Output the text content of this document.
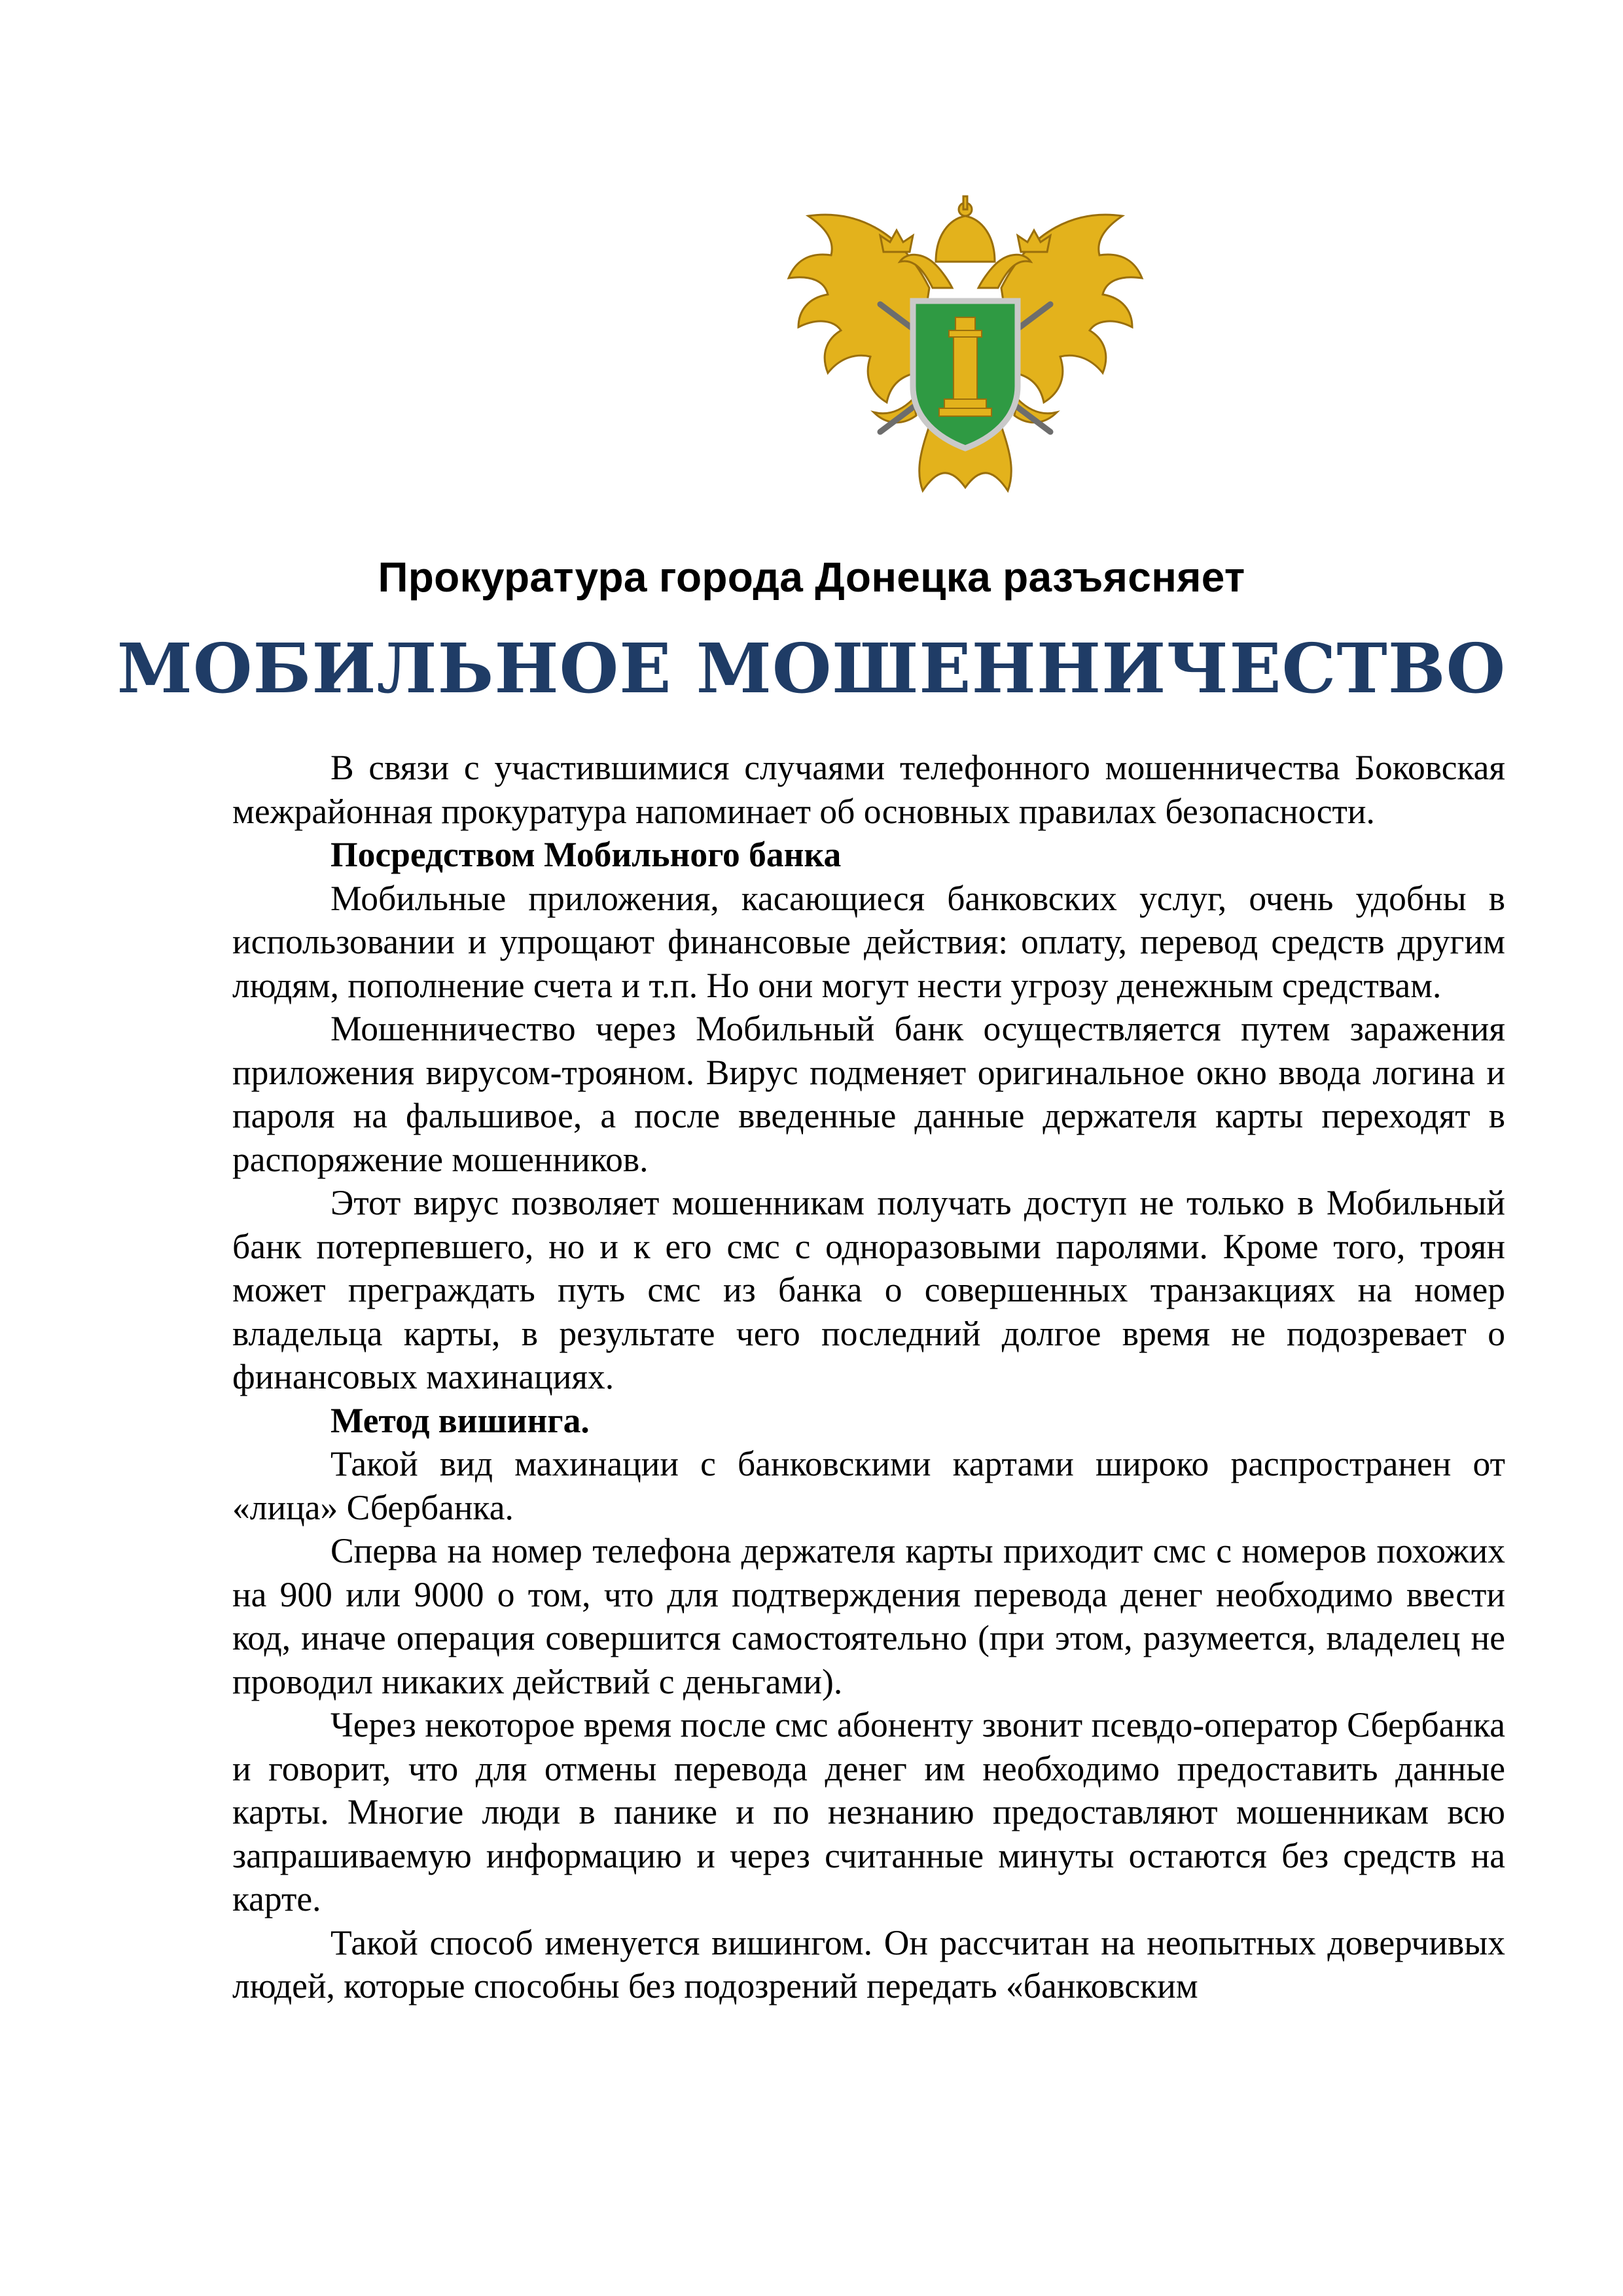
Прокуратура города Донецка разъясняет
МОБИЛЬНОЕ МОШЕННИЧЕСТВО

В связи с участившимися случаями телефонного мошенничества Боковская межрайонная прокуратура напоминает об основных правилах безопасности.

Посредством Мобильного банка

Мобильные приложения, касающиеся банковских услуг, очень удобны в использовании и упрощают финансовые действия: оплату, перевод средств другим людям, пополнение счета и т.п. Но они могут нести угрозу денежным средствам.

Мошенничество через Мобильный банк осуществляется путем заражения приложения вирусом-трояном. Вирус подменяет оригинальное окно ввода логина и пароля на фальшивое, а после введенные данные держателя карты переходят в распоряжение мошенников.

Этот вирус позволяет мошенникам получать доступ не только в Мобильный банк потерпевшего, но и к его смс с одноразовыми паролями. Кроме того, троян может преграждать путь смс из банка о совершенных транзакциях на номер владельца карты, в результате чего последний долгое время не подозревает о финансовых махинациях.

Метод вишинга.

Такой вид махинации с банковскими картами широко распространен от «лица» Сбербанка.

Сперва на номер телефона держателя карты приходит смс с номеров похожих на 900 или 9000 о том, что для подтверждения перевода денег необходимо ввести код, иначе операция совершится самостоятельно (при этом, разумеется, владелец не проводил никаких действий с деньгами).

Через некоторое время после смс абоненту звонит псевдо-оператор Сбербанка и говорит, что для отмены перевода денег им необходимо предоставить данные карты. Многие люди в панике и по незнанию предоставляют мошенникам всю запрашиваемую информацию и через считанные минуты остаются без средств на карте.

Такой способ именуется вишингом. Он рассчитан на неопытных доверчивых людей, которые способны без подозрений передать «банковским
